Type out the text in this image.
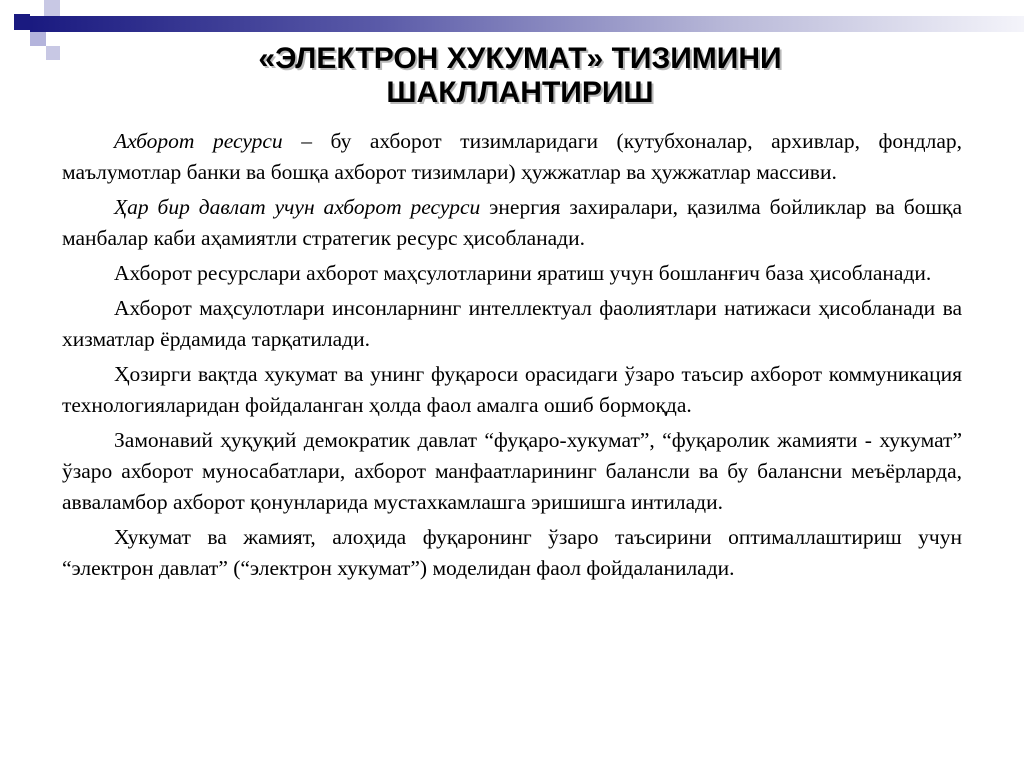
«ЭЛЕКТРОН ХУКУМАТ» ТИЗИМИНИ
ШАКЛЛАНТИРИШ

Ахборот ресурси – бу ахборот тизимларидаги (кутубхоналар, архивлар, фондлар, маълумотлар банки ва бошқа ахборот тизимлари) ҳужжатлар ва ҳужжатлар массиви.

Ҳар бир давлат учун ахборот ресурси энергия захиралари, қазилма бойликлар ва бошқа манбалар каби аҳамиятли стратегик ресурс ҳисобланади.

Ахборот ресурслари ахборот маҳсулотларини яратиш учун бошланғич база ҳисобланади.

Ахборот маҳсулотлари инсонларнинг интеллектуал фаолиятлари натижаси ҳисобланади ва хизматлар ёрдамида тарқатилади.

Ҳозирги вақтда хукумат ва унинг фуқароси орасидаги ўзаро таъсир ахборот коммуникация технологияларидан фойдаланган ҳолда фаол амалга ошиб бормоқда.

Замонавий ҳуқуқий демократик давлат “фуқаро-хукумат”, “фуқаролик жамияти - хукумат” ўзаро ахборот муносабатлари, ахборот манфаатларининг балансли ва бу балансни меъёрларда, авваламбор ахборот қонунларида мустахкамлашга эришишга интилади.

Хукумат ва жамият, алоҳида фуқаронинг ўзаро таъсирини оптималлаштириш учун “электрон давлат” (“электрон хукумат”) моделидан фаол фойдаланилади.
